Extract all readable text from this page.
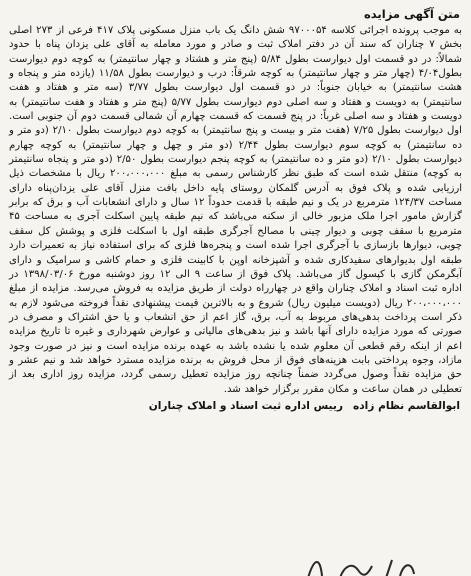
متن آگهی مزایده

به موجب پرونده اجرائی کلاسه ۹۷۰۰۰۵۴ شش دانگ یک باب منزل مسکونی پلاک ۴۱۷ فرعی از ۲۷۳ اصلی بخش ۷ چناران که سند آن در دفتر املاک ثبت و صادر و مورد معامله به آقای علی یزدان پناه با حدود شمالاً: در دو قسمت اول دیوارست بطول ۵/۸۴ (پنج متر و هشتاد و چهار سانتیمتر) به کوچه دوم دیوارست بطول۴/۰۴ (چهار متر و چهار سانتیمتر) به کوچه شرقاً: درب و دیوارست بطول ۱۱/۵۸ (یازده متر و پنجاه و هشت سانتیمتر) به خیابان جنوباً: در دو قسمت اول دیوارست بطول ۳/۷۷ (سه متر و هفتاد و هفت سانتیمتر) به دویست و هفتاد و سه اصلی دوم دیوارست بطول ۵/۷۷ (پنج متر و هفتاد و هفت سانتیمتر) به دویست و هفتاد و سه اصلی غرباً: در پنج قسمت که قسمت چهارم آن شمالی قسمت دوم آن جنوبی است. اول دیوارست بطول ۷/۲۵ (هفت متر و بیست و پنج سانتیمتر) به کوچه دوم دیوارست بطول ۲/۱۰ (دو متر و ده سانتیمتر) به کوچه سوم دیوارست بطول ۲/۴۴ (دو متر و چهل و چهار سانتیمتر) به کوچه چهارم دیوارست بطول ۲/۱۰ (دو متر و ده سانتیمتر) به کوچه پنجم دیوارست بطول ۲/۵۰ (دو متر و پنجاه سانتیمتر به کوچه) منتقل شده است که طبق نظر کارشناس رسمی به مبلغ ۲۰۰،۰۰۰،۰۰۰ ریال با مشخصات ذیل ارزیابی شده و پلاک فوق به آدرس گلمکان روستای پایه داخل بافت منزل آقای علی یزدان‌پناه دارای مساحت ۱۲۴/۳۷ مترمربع در یک و نیم طبقه با قدمت حدوداً ۱۲ سال و دارای انشعابات آب و برق که برابر گزارش مامور اجرا ملک مزبور خالی از سکنه می‌باشد که نیم طبقه پایین اسکلت آجری به مساحت ۴۵ مترمربع با سقف چوبی و دیوار چینی با مصالح آجرگری طبقه اول با اسکلت فلزی و پوشش کل سقف چوبی، دیوارها بازسازی با آجرگری اجرا شده است و پنجره‌ها فلزی که برای استفاده نیاز به تعمیرات دارد طبقه اول بدیوارهای سفیدکاری شده و آشپزخانه اوپن با کابینت فلزی و حمام کاشی و سرامیک و دارای آبگرمکن گازی با کپسول گاز می‌باشد. پلاک فوق از ساعت ۹ الی ۱۲ روز دوشنبه مورخ ۱۳۹۸/۰۳/۰۶ در اداره ثبت اسناد و املاک چناران واقع در چهارراه دولت از طریق مزایده به فروش می‌رسد. مزایده از مبلغ ۲۰۰،۰۰۰،۰۰۰ ریال (دویست میلیون ریال) شروع و به بالاترین قیمت پیشنهادی نقداً فروخته می‌شود لازم به ذکر است پرداخت بدهی‌های مربوط به آب، برق، گاز اعم از حق انشعاب و یا حق اشتراک و مصرف در صورتی که مورد مزایده دارای آنها باشد و نیز بدهی‌های مالیاتی و عوارض شهرداری و غیره تا تاریخ مزایده اعم از اینکه رقم قطعی آن معلوم شده یا نشده باشد به عهده برنده مزایده است و نیز در صورت وجود مازاد، وجوه پرداختی بابت هزینه‌های فوق از محل فروش به برنده مزایده مسترد خواهد شد و نیم عشر و حق مزایده نقداً وصول می‌گردد ضمناً چنانچه روز مزایده تعطیل رسمی گردد، مزایده روز اداری بعد از تعطیلی در همان ساعت و مکان مقرر برگزار خواهد شد.

ابوالقاسم نظام زادهرییس اداره ثبت اسناد و املاک چناران
